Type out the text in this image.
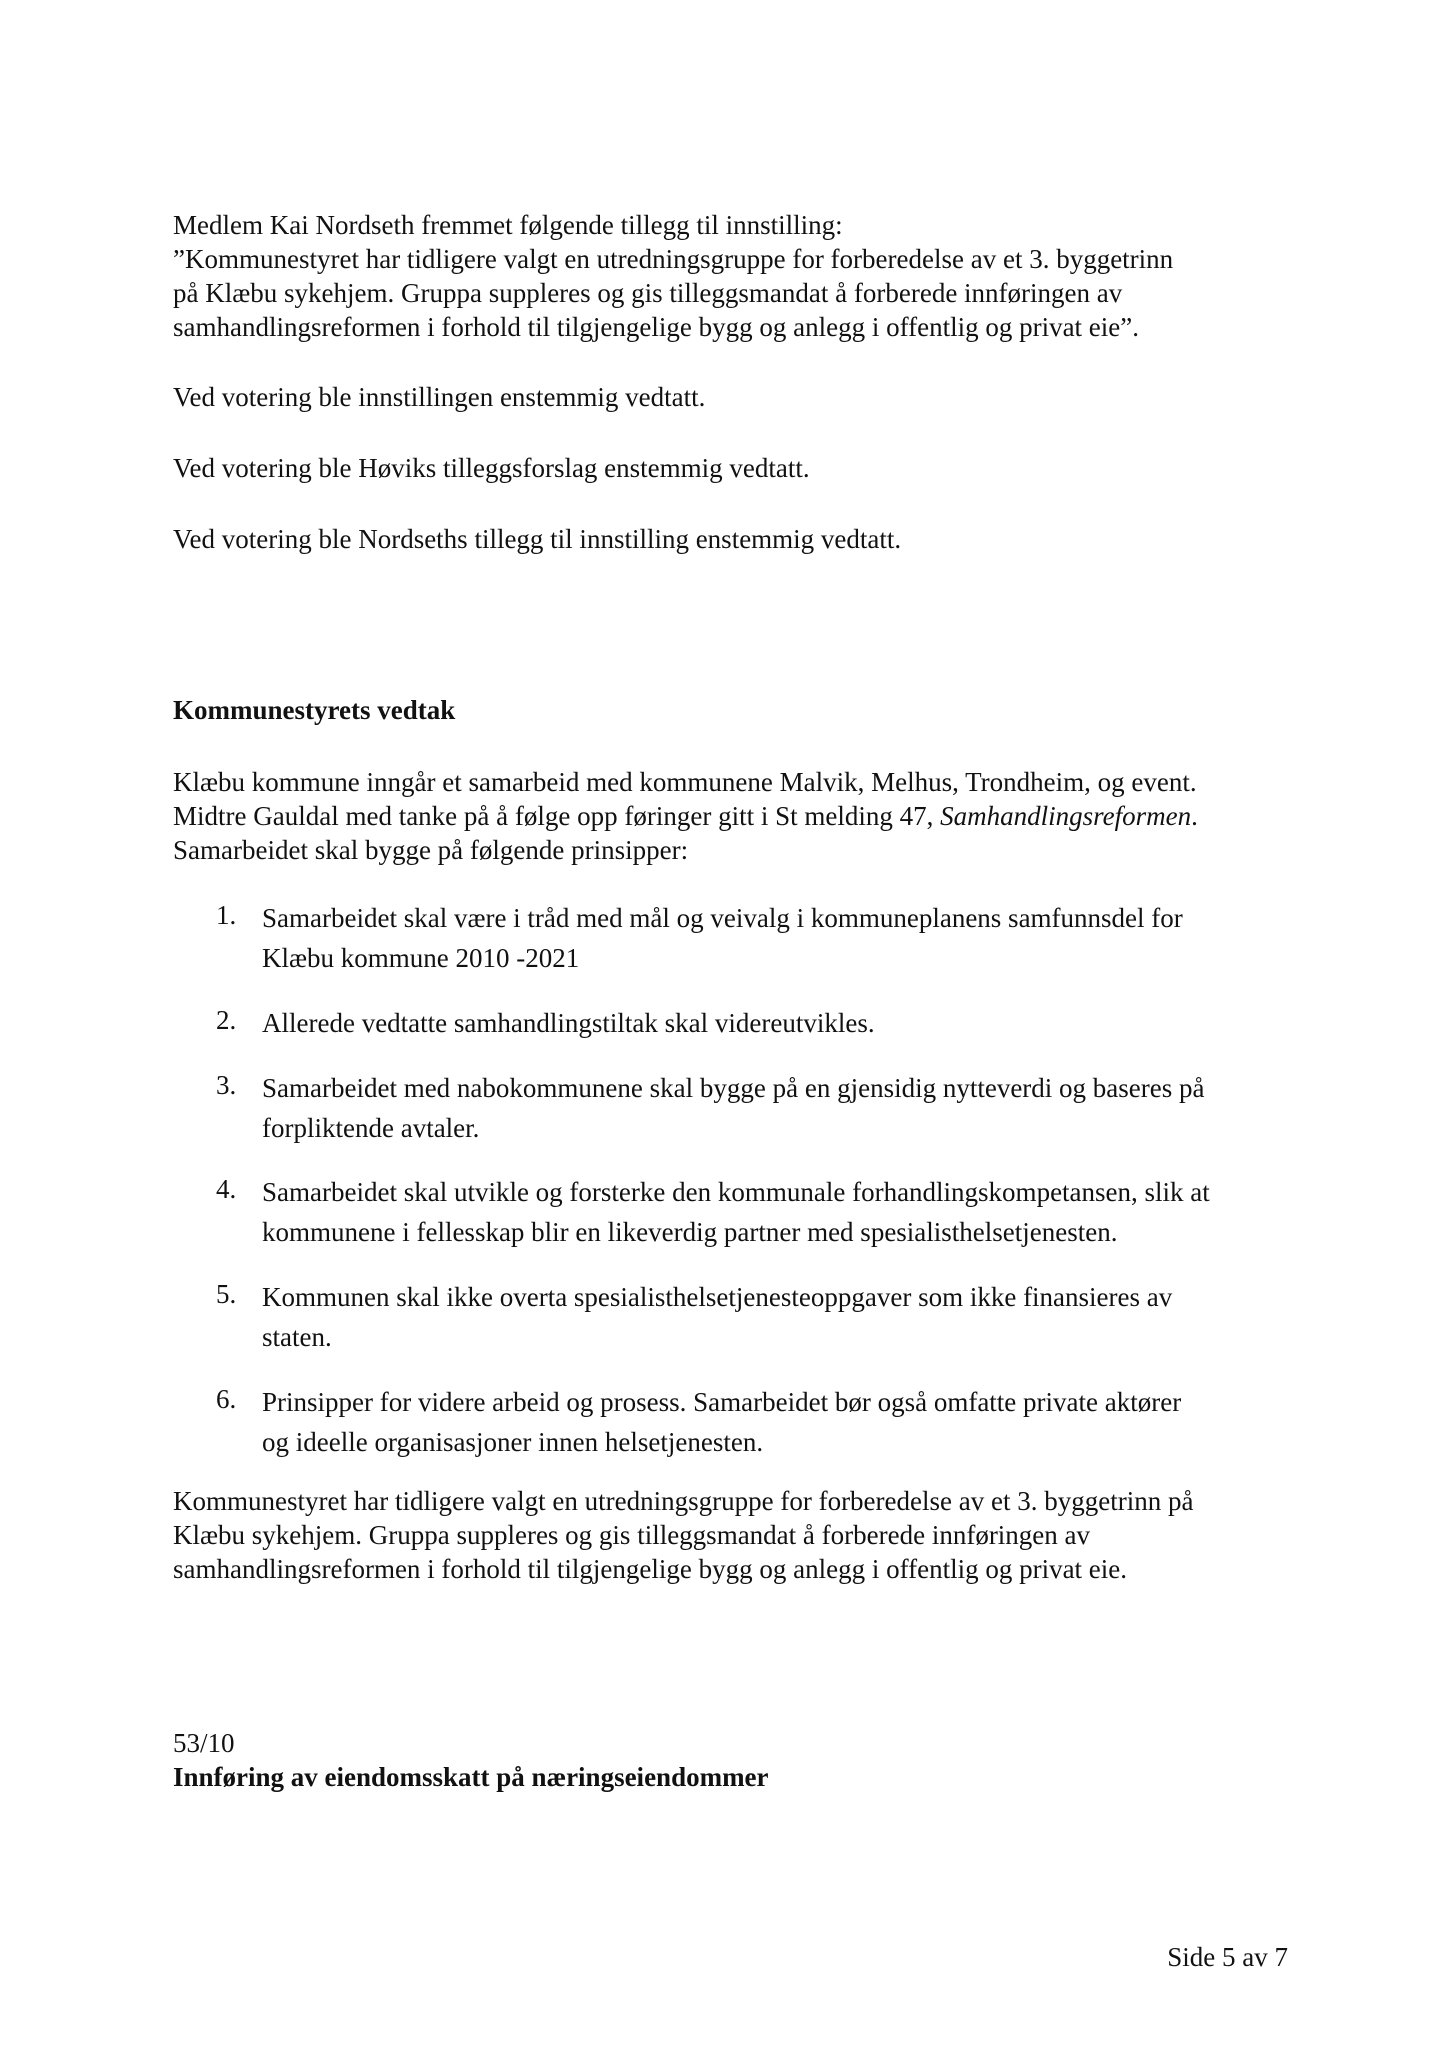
Medlem Kai Nordseth fremmet følgende tillegg til innstilling:
”Kommunestyret har tidligere valgt en utredningsgruppe for forberedelse av et 3. byggetrinn
på Klæbu sykehjem. Gruppa suppleres og gis tilleggsmandat å forberede innføringen av
samhandlingsreformen i forhold til tilgjengelige bygg og anlegg i offentlig og privat eie”.
Ved votering ble innstillingen enstemmig vedtatt.
Ved votering ble Høviks tilleggsforslag enstemmig vedtatt.
Ved votering ble Nordseths tillegg til innstilling enstemmig vedtatt.
Kommunestyrets vedtak
Klæbu kommune inngår et samarbeid med kommunene Malvik, Melhus, Trondheim, og event.
Midtre Gauldal med tanke på å følge opp føringer gitt i St melding 47, Samhandlingsreformen.
Samarbeidet skal bygge på følgende prinsipper:
1. Samarbeidet skal være i tråd med mål og veivalg i kommuneplanens samfunnsdel for
Klæbu kommune 2010 -2021
2. Allerede vedtatte samhandlingstiltak skal videreutvikles.
3. Samarbeidet med nabokommunene skal bygge på en gjensidig nytteverdi og baseres på
forpliktende avtaler.
4. Samarbeidet skal utvikle og forsterke den kommunale forhandlingskompetansen, slik at
kommunene i fellesskap blir en likeverdig partner med spesialisthelsetjenesten.
5. Kommunen skal ikke overta spesialisthelsetjenesteoppgaver som ikke finansieres av
staten.
6. Prinsipper for videre arbeid og prosess. Samarbeidet bør også omfatte private aktører
og ideelle organisasjoner innen helsetjenesten.
Kommunestyret har tidligere valgt en utredningsgruppe for forberedelse av et 3. byggetrinn på
Klæbu sykehjem. Gruppa suppleres og gis tilleggsmandat å forberede innføringen av
samhandlingsreformen i forhold til tilgjengelige bygg og anlegg i offentlig og privat eie.
53/10
Innføring av eiendomsskatt på næringseiendommer
Side 5 av 7
